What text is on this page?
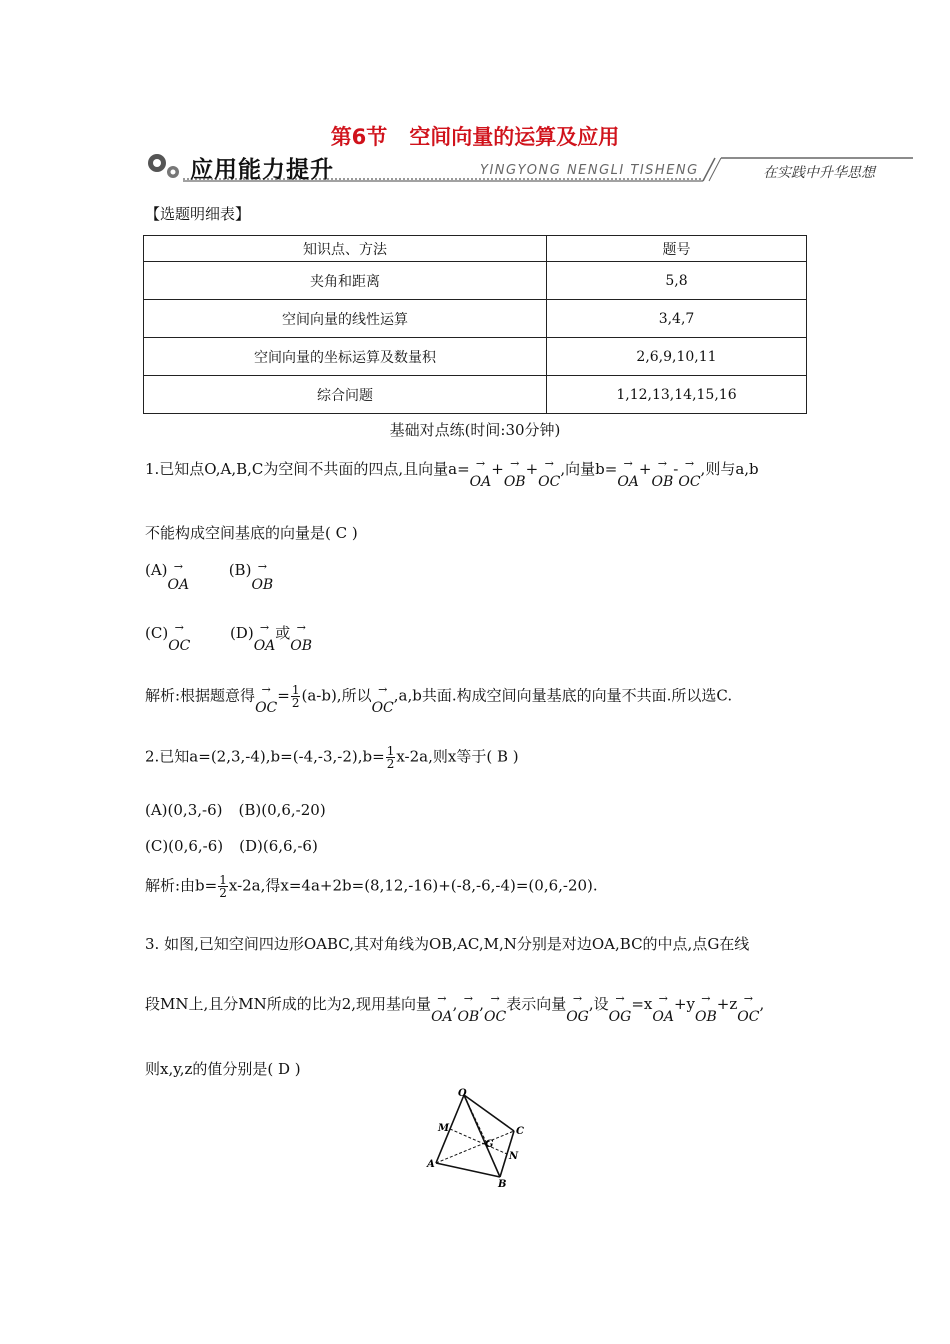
第6节 空间向量的运算及应用
应用能力提升	YINGYONG NENGLI TISHENG	在实践中升华思想
【选题明细表】
知识点、方法	题号
夹角和距离	5,8
空间向量的线性运算	3,4,7
空间向量的坐标运算及数量积	2,6,9,10,11
综合问题	1,12,13,14,15,16
基础对点练(时间:30分钟)
1.已知点O,A,B,C为空间不共面的四点,且向量a= →
OA
+ →
OB
+ →
OC
,向量b= →
OA
+ →
OB
- →
OC
,则与a,b
不能构成空间基底的向量是( C )
(A) →
OA
(B) →
OB
(C) →
OC
(D) →
OA
或 →
OB
解析:根据题意得 →
OC
= $\frac{1}{2} (a-b)$,所以 →
OC
,a,b共面.构成空间向量基底的向量不共面.所以选C.
2.已知$a=(2,3,-4),b=(-4,-3,-2),b= \frac{1}{2} x-2a$,则x等于( B )
(A)(0,3,-6) (B)(0,6,-20)
(C)(0,6,-6) (D)(6,6,-6)
解析:由$b= \frac{1}{2} x-2a$,得x=4a+2b=(8,12,-16)+(-8,-6,-4)=(0,6,-20).
3. 如图,已知空间四边形OABC,其对角线为OB,AC,M,N分别是对边OA,BC的中点,点G在线
段MN上,且分MN所成的比为2,现用基向量 →
OA
, →
OB
, →
OC
表示向量 →
OG
,设 →
OG
=x →
OA
+y →
OB
+z →
OC
,
则x,y,z的值分别是( D )
O
A
B
C
M
N
G
